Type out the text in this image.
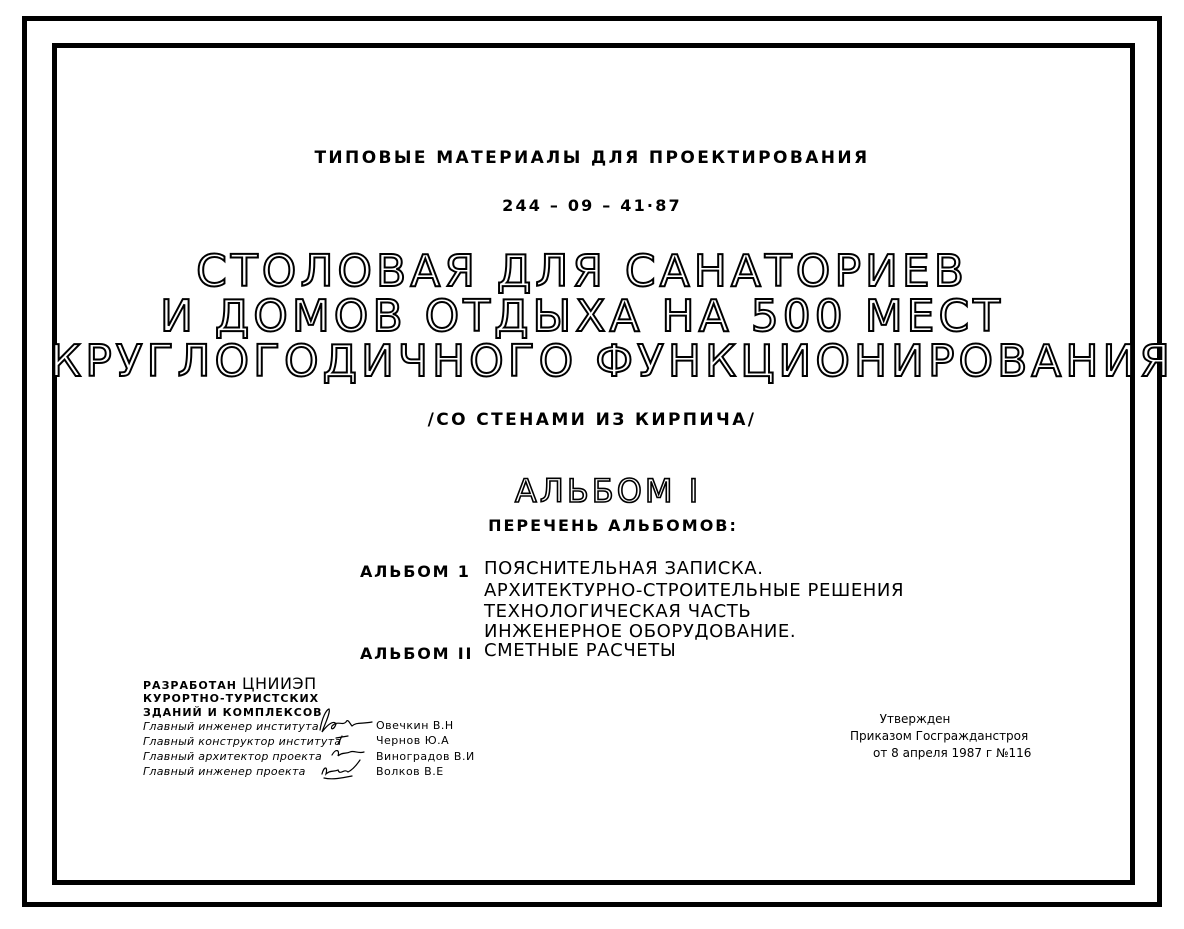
ТИПОВЫЕ МАТЕРИАЛЫ ДЛЯ ПРОЕКТИРОВАНИЯ
244 – 09 – 41·87
СТОЛОВАЯ ДЛЯ САНАТОРИЕВ
И ДОМОВ ОТДЫХА НА 500 МЕСТ
КРУГЛОГОДИЧНОГО ФУНКЦИОНИРОВАНИЯ
/СО СТЕНАМИ ИЗ КИРПИЧА/
АЛЬБОМ I
ПЕРЕЧЕНЬ АЛЬБОМОВ:
АЛЬБОМ 1 ПОЯСНИТЕЛЬНАЯ ЗАПИСКА.
АРХИТЕКТУРНО-СТРОИТЕЛЬНЫЕ РЕШЕНИЯ
ТЕХНОЛОГИЧЕСКАЯ ЧАСТЬ
ИНЖЕНЕРНОЕ ОБОРУДОВАНИЕ.
АЛЬБОМ II СМЕТНЫЕ РАСЧЕТЫ
РАЗРАБОТАН ЦНИИЭП
КУРОРТНО-ТУРИСТСКИХ
ЗДАНИЙ И КОМПЛЕКСОВ
Главный инженер института
Главный конструктор института
Главный архитектор проекта
Главный инженер проекта
Овечкин В.Н
Чернов Ю.А
Виноградов В.И
Волков В.Е
Утвержден
Приказом Госгражданстроя
от 8 апреля 1987 г №116
